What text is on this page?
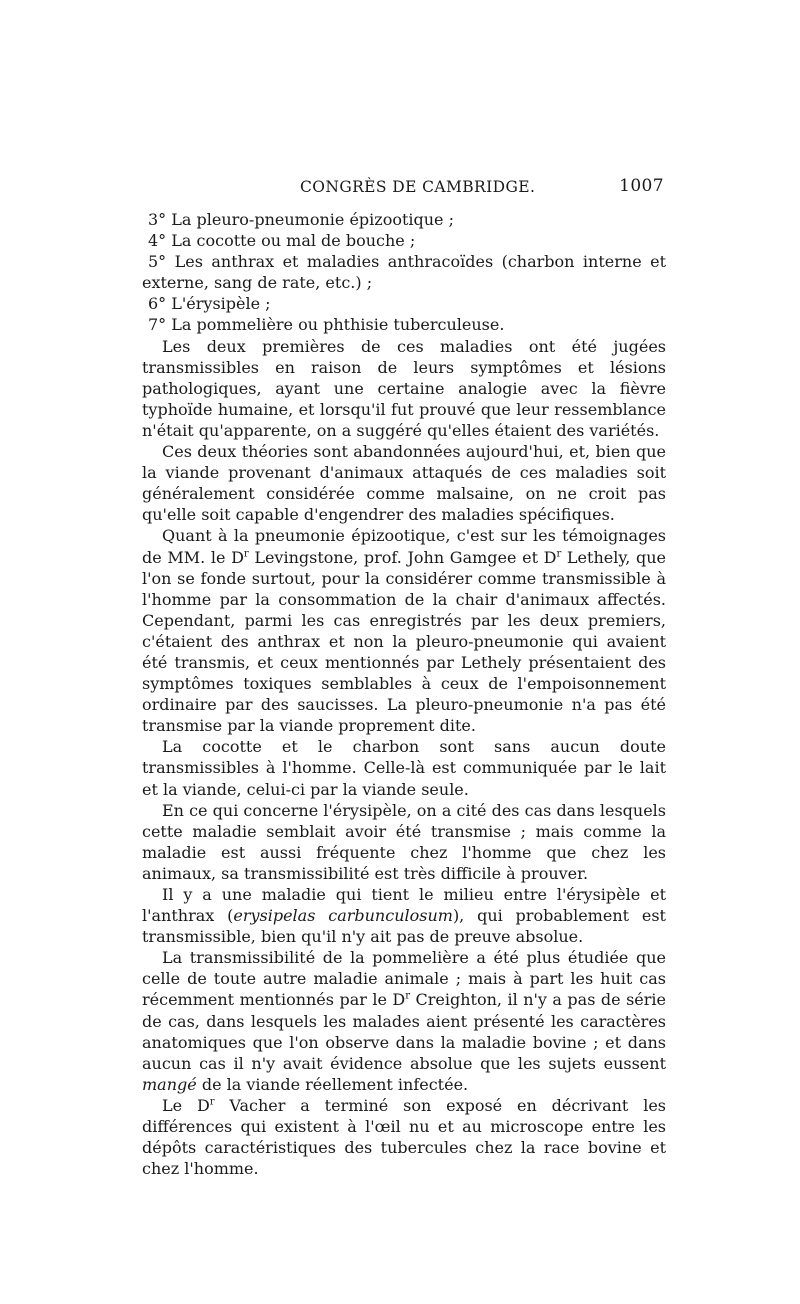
CONGRÈS DE CAMBRIDGE.	1007

3° La pleuro-pneumonie épizootique ;

4° La cocotte ou mal de bouche ;

5° Les anthrax et maladies anthracoïdes (charbon interne et externe, sang de rate, etc.) ;

6° L'érysipèle ;

7° La pommelière ou phthisie tuberculeuse.

Les deux premières de ces maladies ont été jugées transmissibles en raison de leurs symptômes et lésions pathologiques, ayant une certaine analogie avec la fièvre typhoïde humaine, et lorsqu'il fut prouvé que leur ressemblance n'était qu'apparente, on a suggéré qu'elles étaient des variétés.

Ces deux théories sont abandonnées aujourd'hui, et, bien que la viande provenant d'animaux attaqués de ces maladies soit généralement considérée comme malsaine, on ne croit pas qu'elle soit capable d'engendrer des maladies spécifiques.

Quant à la pneumonie épizootique, c'est sur les témoignages de MM. le $D^r$ Levingstone, prof. John Gamgee et $D^r$ Lethely, que l'on se fonde surtout, pour la considérer comme transmissible à l'homme par la consommation de la chair d'animaux affectés. Cependant, parmi les cas enregistrés par les deux premiers, c'étaient des anthrax et non la pleuro-pneumonie qui avaient été transmis, et ceux mentionnés par Lethely présentaient des symptômes toxiques semblables à ceux de l'empoisonnement ordinaire par des saucisses. La pleuro-pneumonie n'a pas été transmise par la viande proprement dite.

La cocotte et le charbon sont sans aucun doute transmissibles à l'homme. Celle-là est communiquée par le lait et la viande, celui-ci par la viande seule.

En ce qui concerne l'érysipèle, on a cité des cas dans lesquels cette maladie semblait avoir été transmise ; mais comme la maladie est aussi fréquente chez l'homme que chez les animaux, sa transmissibilité est très difficile à prouver.

Il y a une maladie qui tient le milieu entre l'érysipèle et l'anthrax (erysipelas carbunculosum), qui probablement est transmissible, bien qu'il n'y ait pas de preuve absolue.

La transmissibilité de la pommelière a été plus étudiée que celle de toute autre maladie animale ; mais à part les huit cas récemment mentionnés par le $D^r$ Creighton, il n'y a pas de série de cas, dans lesquels les malades aient présenté les caractères anatomiques que l'on observe dans la maladie bovine ; et dans aucun cas il n'y avait évidence absolue que les sujets eussent mangé de la viande réellement infectée.

Le $D^r$ Vacher a terminé son exposé en décrivant les différences qui existent à l'œil nu et au microscope entre les dépôts caractéristiques des tubercules chez la race bovine et chez l'homme.
